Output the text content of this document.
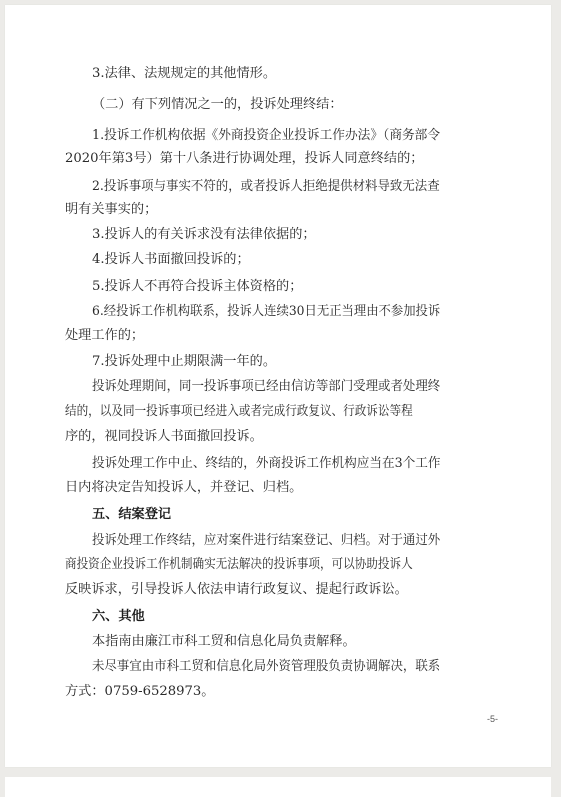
3.法律、法规规定的其他情形。
（二）有下列情况之一的，投诉处理终结：
1.投诉工作机构依据《外商投资企业投诉工作办法》（商务部令
2020年第3号）第十八条进行协调处理，投诉人同意终结的；
2.投诉事项与事实不符的，或者投诉人拒绝提供材料导致无法查
明有关事实的；
3.投诉人的有关诉求没有法律依据的；
4.投诉人书面撤回投诉的；
5.投诉人不再符合投诉主体资格的；
6.经投诉工作机构联系，投诉人连续30日无正当理由不参加投诉
处理工作的；
7.投诉处理中止期限满一年的。
投诉处理期间，同一投诉事项已经由信访等部门受理或者处理终
结的，以及同一投诉事项已经进入或者完成行政复议、行政诉讼等程
序的，视同投诉人书面撤回投诉。
投诉处理工作中止、终结的，外商投诉工作机构应当在3个工作
日内将决定告知投诉人，并登记、归档。
五、结案登记
投诉处理工作终结，应对案件进行结案登记、归档。对于通过外
商投资企业投诉工作机制确实无法解决的投诉事项，可以协助投诉人
反映诉求，引导投诉人依法申请行政复议、提起行政诉讼。
六、其他
本指南由廉江市科工贸和信息化局负责解释。
未尽事宜由市科工贸和信息化局外资管理股负责协调解决，联系
方式：0759-6528973。
-5-
